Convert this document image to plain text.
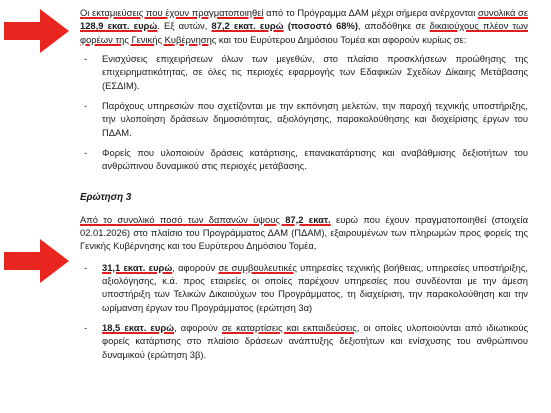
Οι εκταμιεύσεις που έχουν πραγματοποιηθεί από το Πρόγραμμα ΔΑΜ μέχρι σήμερα ανέρχονται συνολικά σε 128,9 εκατ. ευρώ. Εξ αυτών, 87,2 εκατ. ευρώ (ποσοστό 68%), αποδόθηκε σε δικαιούχους πλέον των φορέων της Γενικής Κυβέρνησης και του Ευρύτερου Δημόσιου Τομέα και αφορούν κυρίως σε:

- Ενισχύσεις επιχειρήσεων όλων των μεγεθών, στο πλαίσιο προσκλήσεων προώθησης της επιχειρηματικότητας, σε όλες τις περιοχές εφαρμογής των Εδαφικών Σχεδίων Δίκαιης Μετάβασης (ΕΣΔΙΜ).
- Παρόχους υπηρεσιών που σχετίζονται με την εκπόνηση μελετών, την παροχή τεχνικής υποστήριξης, την υλοποίηση δράσεων δημοσιότητας, αξιολόγησης, παρακολούθησης και διοχείρισης έργων του ΠΔΑΜ.
- Φορείς που υλοποιούν δράσεις κατάρτισης, επανακατάρτισης και αναβάθμισης δεξιοτήτων του ανθρώπινου δυναμικού στις περιοχές μετάβασης.
Ερώτηση 3

Από το συνολικό ποσό των δαπανών ύψους 87,2 εκατ. ευρώ που έχουν πραγματοποιηθεί (στοιχεία 02.01.2026) στο πλαίσιο του Προγράμματος ΔΑΜ (ΠΔΑΜ), εξαιρουμένων των πληρωμών προς φορείς της Γενικής Κυβέρνησης και του Ευρύτερου Δημόσιου Τομέα,

- 31,1 εκατ. ευρώ, αφορούν σε συμβουλευτικές υπηρεσίες τεχνικής βοήθειας, υπηρεσίες υποστήριξης, αξιολόγησης, κ.ά. προς εταιρείες οι οποίες παρέχουν υπηρεσίες που συνδέονται με την άμεση υποστήριξη των Τελικών Δικαιούχων του Προγράμματος, τη διαχείριση, την παρακολούθηση και την ωρίμανση έργων του Προγράμματος (ερώτηση 3α)
- 18,5 εκατ. ευρώ, αφορούν σε καταρτίσεις και εκπαιδεύσεις, οι οποίες υλοποιούνται από ιδιωτικούς φορείς κατάρτισης στο πλαίσιο δράσεων ανάπτυξης δεξιοτήτων και ενίσχυσης του ανθρώπινου δυναμικού (ερώτηση 3β).
